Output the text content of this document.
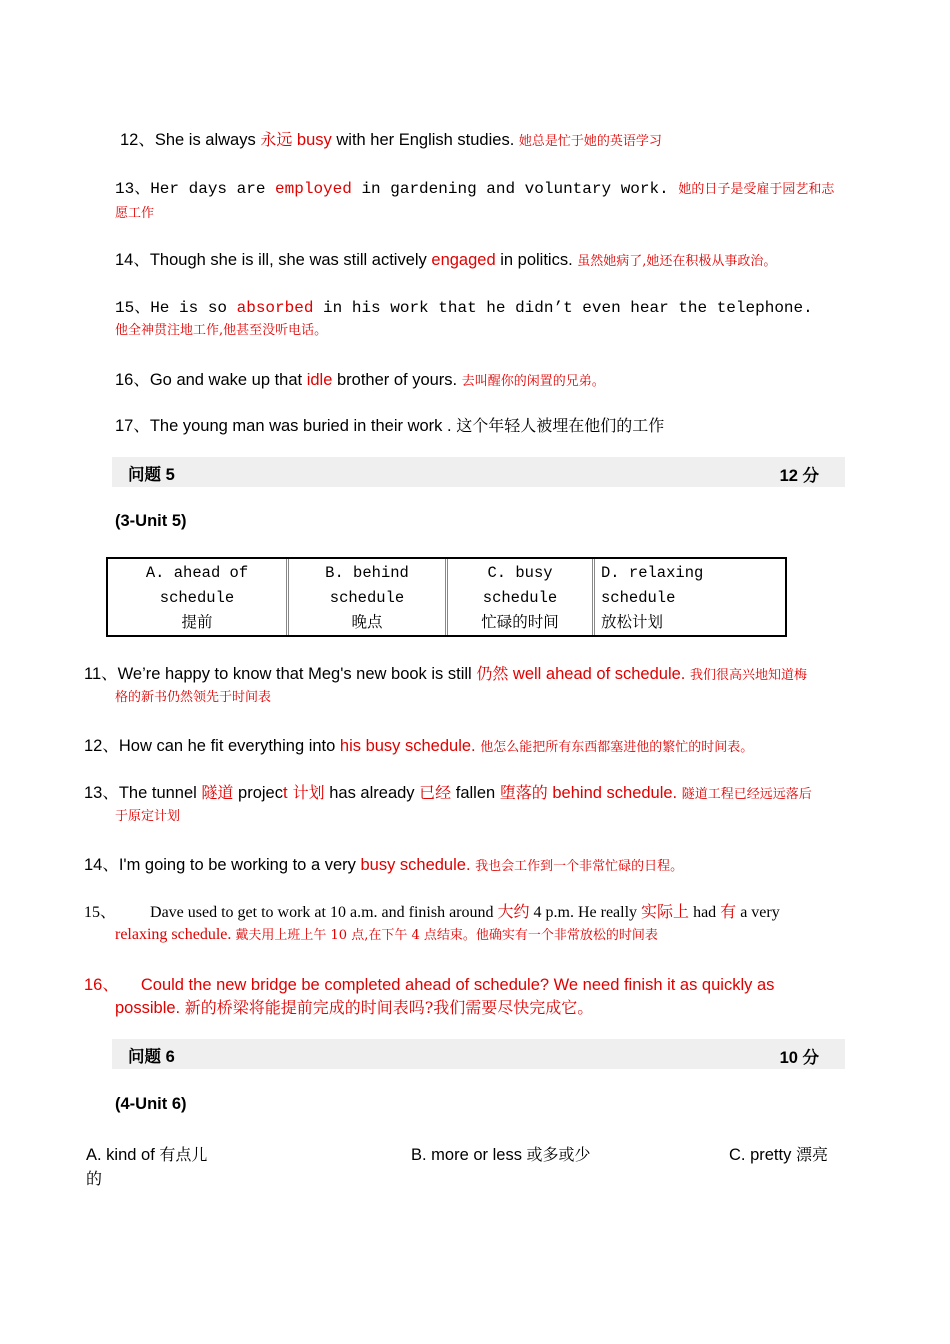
12、She is always 永远 busy with her English studies. 她总是忙于她的英语学习
13、Her days are employed in gardening and voluntary work. 她的日子是受雇于园艺和志
愿工作
14、Though she is ill, she was still actively engaged in politics. 虽然她病了,她还在积极从事政治。
15、He is so absorbed in his work that he didn’t even hear the telephone.
他全神贯注地工作,他甚至没听电话。
16、Go and wake up that idle brother of yours. 去叫醒你的闲置的兄弟。
17、The young man was buried in their work . 这个年轻人被埋在他们的工作
问题 5	12 分
(3-Unit 5)
A. ahead of
schedule
提前

B. behind
schedule
晚点

C. busy
schedule
忙碌的时间

D. relaxing schedule
放松计划
11、We’re happy to know that Meg's new book is still 仍然 well ahead of schedule. 我们很高兴地知道梅
格的新书仍然领先于时间表
12、How can he fit everything into his busy schedule. 他怎么能把所有东西都塞进他的繁忙的时间表。
13、The tunnel 隧道 project 计划 has already 已经 fallen 堕落的 behind schedule. 隧道工程已经远远落后
于原定计划
14、I'm going to be working to a very busy schedule. 我也会工作到一个非常忙碌的日程。
15、 Dave used to get to work at 10 a.m. and finish around 大约 4 p.m. He really 实际上 had 有 a very
relaxing schedule. 戴夫用上班上午 10 点,在下午 4 点结束。他确实有一个非常放松的时间表
16、 Could the new bridge be completed ahead of schedule? We need finish it as quickly as
possible. 新的桥梁将能提前完成的时间表吗?我们需要尽快完成它。
问题 6	10 分
(4-Unit 6)
A. kind of 有点儿
的
B. more or less 或多或少	C. pretty 漂亮
